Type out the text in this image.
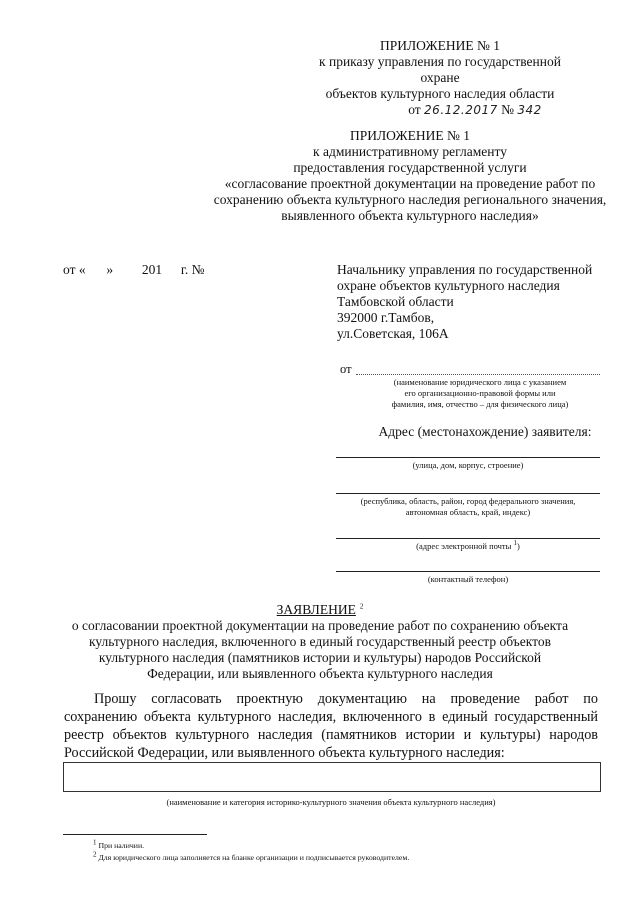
ПРИЛОЖЕНИЕ № 1
к приказу управления по государственной охране
объектов культурного наследия области
от 26.12.2017 № 342
ПРИЛОЖЕНИЕ № 1
к административному регламенту
предоставления государственной услуги
«согласование проектной документации на проведение работ по
сохранению объекта культурного наследия регионального значения,
выявленного объекта культурного наследия»
от « » 201 г. №	Начальнику управления по государственной
охране объектов культурного наследия
Тамбовской области
392000 г.Тамбов,
ул.Советская, 106А
от
(наименование юридического лица с указанием
его организационно-правовой формы или
фамилия, имя, отчество – для физического лица)
Адрес (местонахождение) заявителя:
(улица, дом, корпус, строение)
(республика, область, район, город федерального значения,
автономная область, край, индекс)
(адрес электронной почты $^1$)
(контактный телефон)
ЗАЯВЛЕНИЕ $^2$
о согласовании проектной документации на проведение работ по сохранению объекта
культурного наследия, включенного в единый государственный реестр объектов
культурного наследия (памятников истории и культуры) народов Российской
Федерации, или выявленного объекта культурного наследия
Прошу согласовать проектную документацию на проведение работ по
сохранению объекта культурного наследия, включенного в единый государственный
реестр объектов культурного наследия (памятников истории и культуры) народов
Российской Федерации, или выявленного объекта культурного наследия:
(наименование и категория историко-культурного значения объекта культурного наследия)
$^1$ При наличии.
$^2$ Для юридического лица заполняется на бланке организации и подписывается руководителем.
